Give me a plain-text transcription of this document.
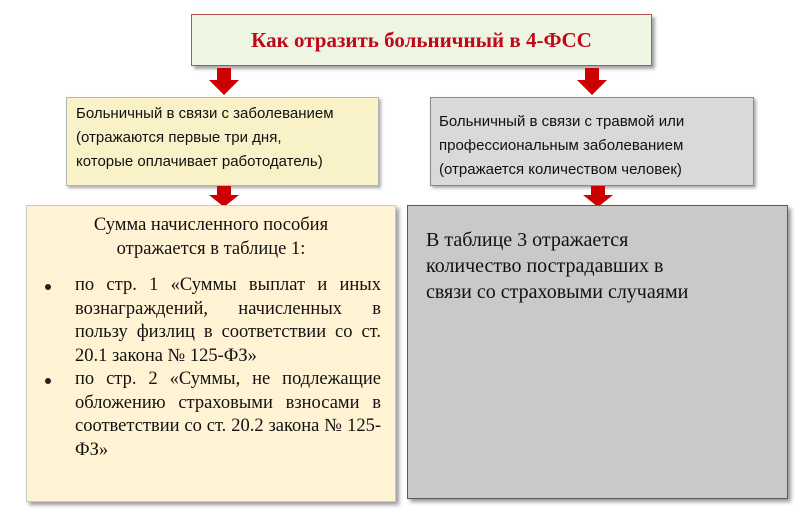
Как отразить больничный в 4-ФСС
Больничный в связи с заболеванием
(отражаются первые три дня,
которые оплачивает работодатель)
Больничный в связи с травмой или
профессиональным заболеванием
(отражается количеством человек)
Сумма начисленного пособия
отражается в таблице 1:
по стр. 1 «Суммы выплат и иных вознаграждений, начисленных в пользу физлиц в соответствии со ст. 20.1 закона № 125-ФЗ»
по стр. 2 «Суммы, не подлежащие обложению страховыми взносами в соответствии со ст. 20.2 закона № 125-ФЗ»
В таблице 3 отражается
количество пострадавших в
связи со страховыми случаями
